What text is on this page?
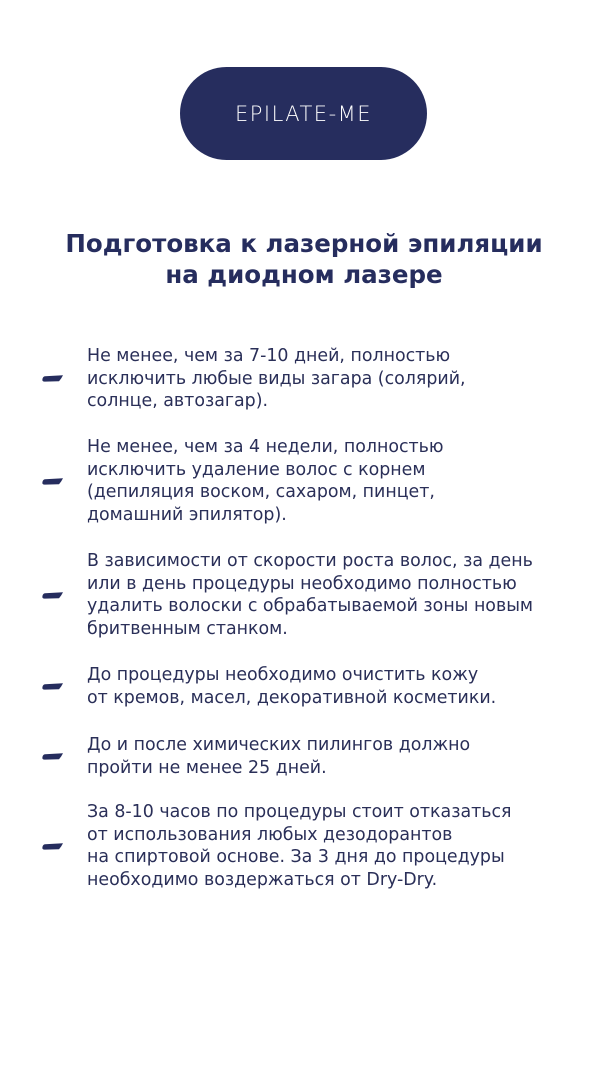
EPILATE-ME
Подготовка к лазерной эпиляции
на диодном лазере
Не менее, чем за 7-10 дней, полностью
исключить любые виды загара (солярий,
солнце, автозагар).
Не менее, чем за 4 недели, полностью
исключить удаление волос с корнем
(депиляция воском, сахаром, пинцет,
домашний эпилятор).
В зависимости от скорости роста волос, за день
или в день процедуры необходимо полностью
удалить волоски с обрабатываемой зоны новым
бритвенным станком.
До процедуры необходимо очистить кожу
от кремов, масел, декоративной косметики.
До и после химических пилингов должно
пройти не менее 25 дней.
За 8-10 часов по процедуры стоит отказаться
от использования любых дезодорантов
на спиртовой основе. За 3 дня до процедуры
необходимо воздержаться от Dry-Dry.
